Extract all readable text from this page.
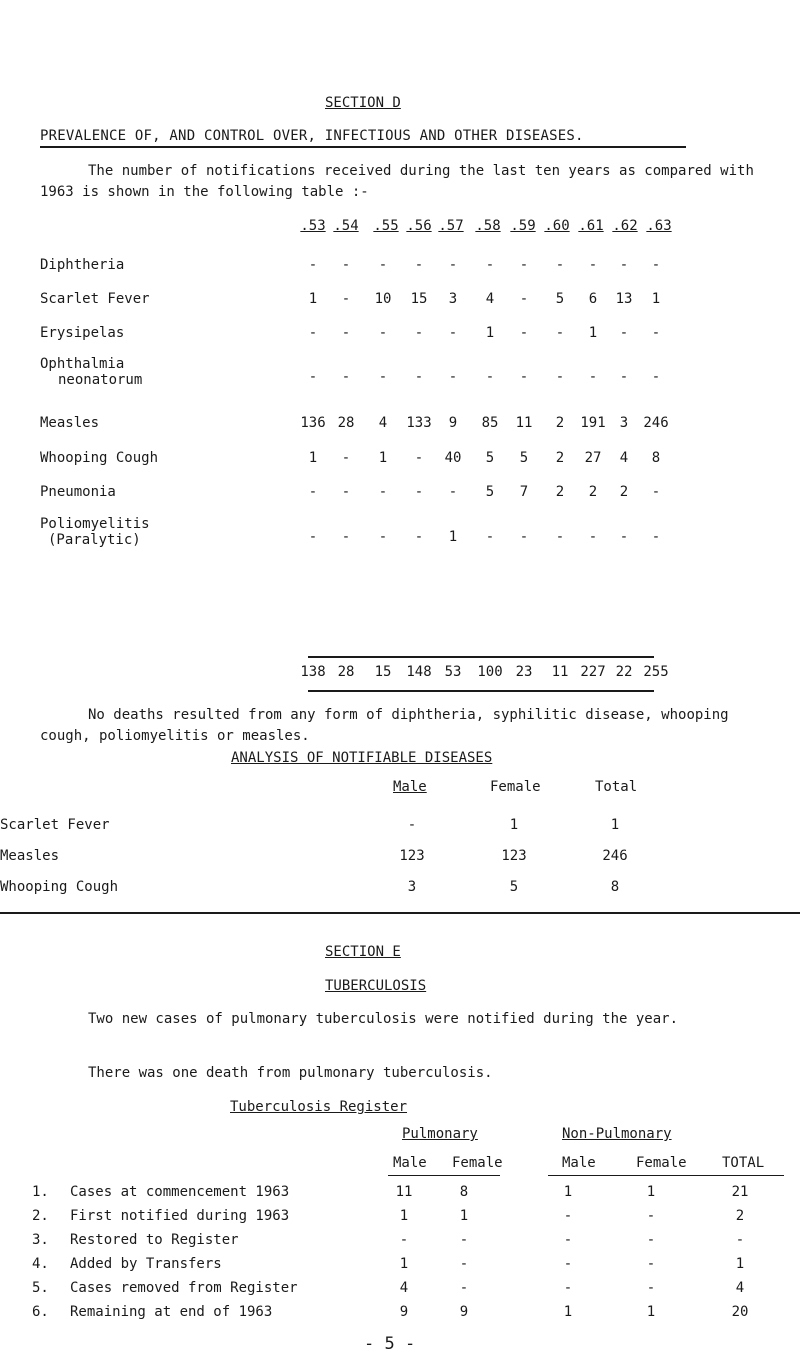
SECTION D
PREVALENCE OF, AND CONTROL OVER, INFECTIOUS AND OTHER DISEASES.
The number of notifications received during the last ten years as compared with 1963 is shown in the following table :-
.53 .54	.55 .56 .57 .58 .59 .60 .61 .62 .63
Diphtheria	-	-	-	-	-	-	-	-	-	-	-
Scarlet Fever	1	-	10	15	3	4	-	5	6	13	1
Erysipelas	-	-	-	-	-	1	-	-	1	-	-
Ophthalmia
neonatorum	-	-	-	-	-	-	-	-	-	-	-
Measles	136 28	4	133	9	85	11	2	191	3	246
Whooping Cough	1	-	1	-	40	5	5	2	27	4	8
Pneumonia	-	-	-	-	-	5	7	2	2	2	-
Poliomyelitis
(Paralytic)	-	-	-	-	1	-	-	-	-	-	-
138 28	15	148 53	100 23	11 227 22 255
No deaths resulted from any form of diphtheria, syphilitic disease, whooping cough, poliomyelitis or measles.
ANALYSIS OF NOTIFIABLE DISEASES
Male	Female	Total
Scarlet Fever	-	1	1
Measles	123	123	246
Whooping Cough	3	5	8
SECTION E
TUBERCULOSIS
Two new cases of pulmonary tuberculosis were notified during the year.
There was one death from pulmonary tuberculosis.
Tuberculosis Register
Pulmonary	Non-Pulmonary
Male Female	Male	Female	TOTAL
1. Cases at commencement 1963	11	8	1	1	21
2. First notified during 1963	1	1	-	-	2
3. Restored to Register	-	-	-	-	-
4. Added by Transfers	1	-	-	-	1
5. Cases removed from Register	4	-	-	-	4
6. Remaining at end of 1963	9	9	1	1	20
- 5 -
